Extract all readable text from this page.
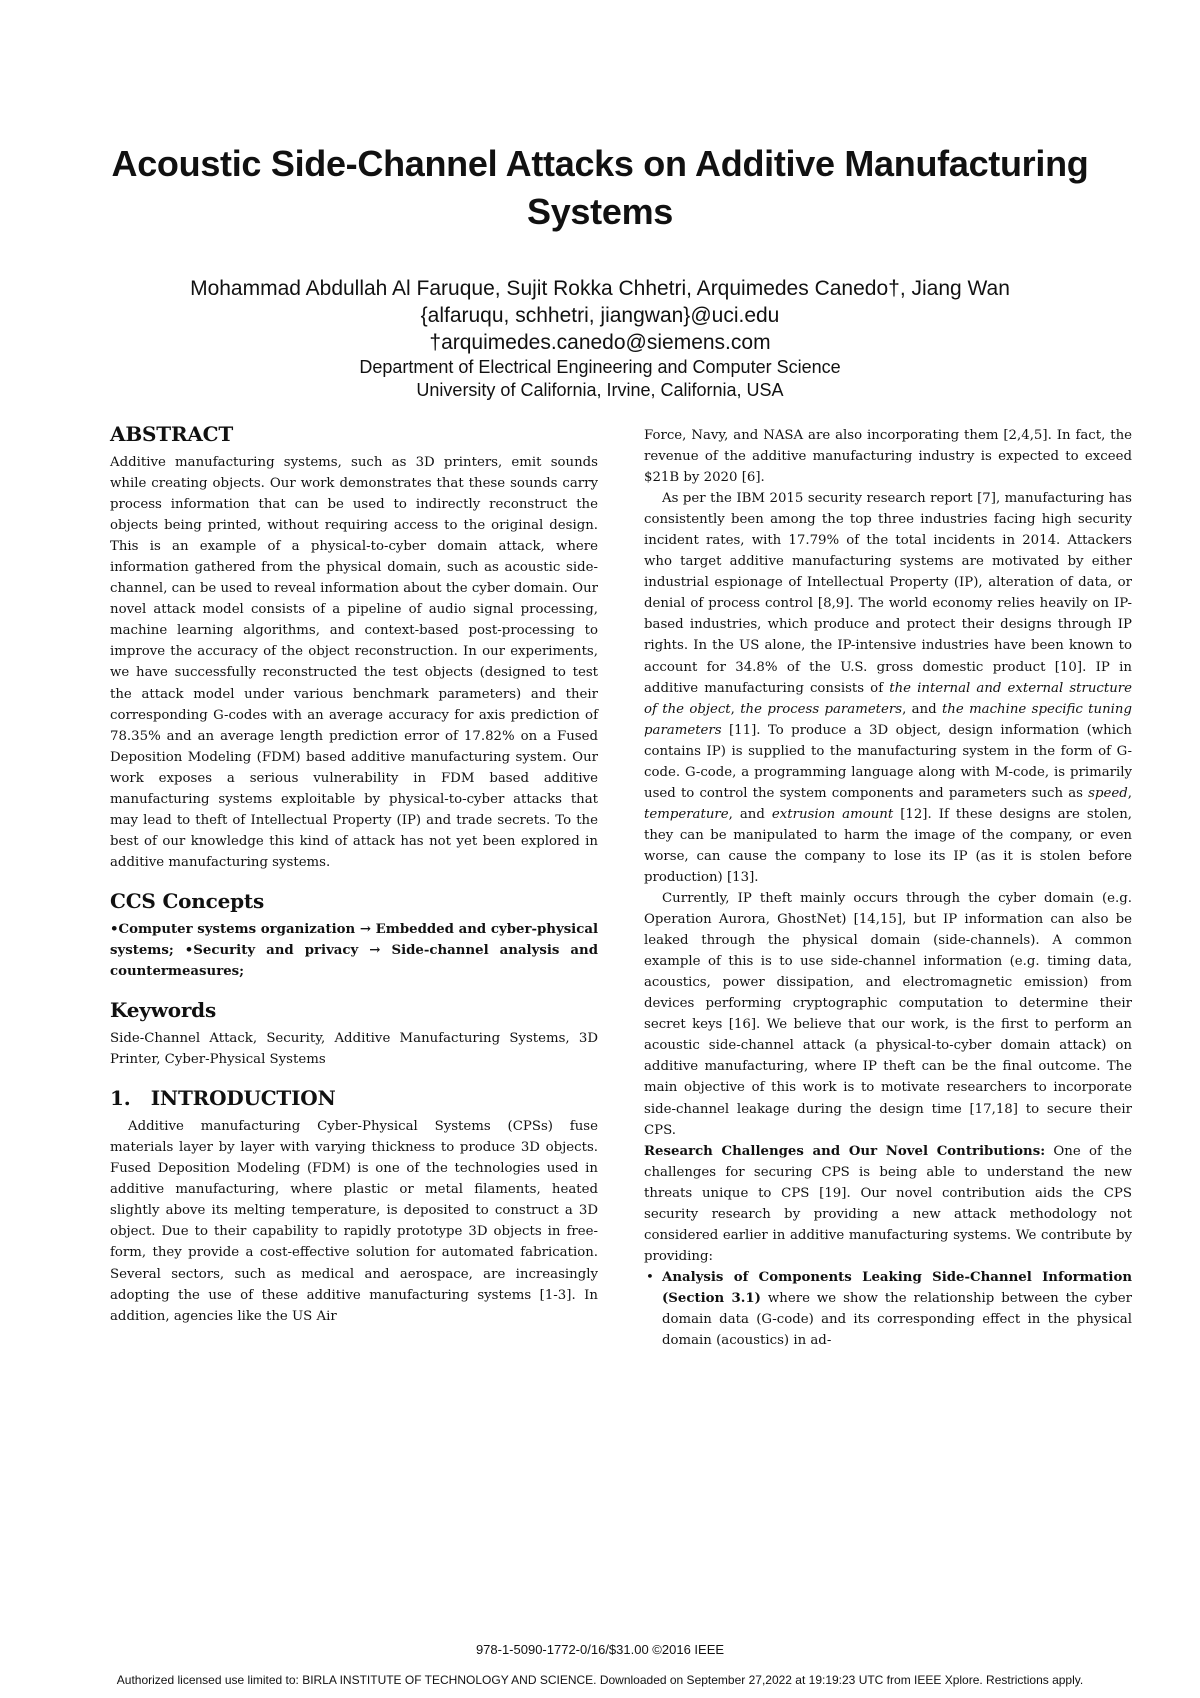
Acoustic Side-Channel Attacks on Additive Manufacturing Systems
Mohammad Abdullah Al Faruque, Sujit Rokka Chhetri, Arquimedes Canedo†, Jiang Wan
{alfaruqu, schhetri, jiangwan}@uci.edu
†arquimedes.canedo@siemens.com
Department of Electrical Engineering and Computer Science
University of California, Irvine, California, USA
ABSTRACT

Additive manufacturing systems, such as 3D printers, emit sounds while creating objects. Our work demonstrates that these sounds carry process information that can be used to indirectly reconstruct the objects being printed, without requiring access to the original design. This is an example of a physical-to-cyber domain attack, where information gathered from the physical domain, such as acoustic side-channel, can be used to reveal information about the cyber domain. Our novel attack model consists of a pipeline of audio signal processing, machine learning algorithms, and context-based post-processing to improve the accuracy of the object reconstruction. In our experiments, we have successfully reconstructed the test objects (designed to test the attack model under various benchmark parameters) and their corresponding G-codes with an average accuracy for axis prediction of 78.35% and an average length prediction error of 17.82% on a Fused Deposition Modeling (FDM) based additive manufacturing system. Our work exposes a serious vulnerability in FDM based additive manufacturing systems exploitable by physical-to-cyber attacks that may lead to theft of Intellectual Property (IP) and trade secrets. To the best of our knowledge this kind of attack has not yet been explored in additive manufacturing systems.

CCS Concepts

•Computer systems organization → Embedded and cyber-physical systems; •Security and privacy → Side-channel analysis and countermeasures;

Keywords

Side-Channel Attack, Security, Additive Manufacturing Systems, 3D Printer, Cyber-Physical Systems

1.   INTRODUCTION

Additive manufacturing Cyber-Physical Systems (CPSs) fuse materials layer by layer with varying thickness to produce 3D objects. Fused Deposition Modeling (FDM) is one of the technologies used in additive manufacturing, where plastic or metal filaments, heated slightly above its melting temperature, is deposited to construct a 3D object. Due to their capability to rapidly prototype 3D objects in free-form, they provide a cost-effective solution for automated fabrication. Several sectors, such as medical and aerospace, are increasingly adopting the use of these additive manufacturing systems [1-3]. In addition, agencies like the US Air

Force, Navy, and NASA are also incorporating them [2,4,5]. In fact, the revenue of the additive manufacturing industry is expected to exceed $21B by 2020 [6].

As per the IBM 2015 security research report [7], manufacturing has consistently been among the top three industries facing high security incident rates, with 17.79% of the total incidents in 2014. Attackers who target additive manufacturing systems are motivated by either industrial espionage of Intellectual Property (IP), alteration of data, or denial of process control [8,9]. The world economy relies heavily on IP-based industries, which produce and protect their designs through IP rights. In the US alone, the IP-intensive industries have been known to account for 34.8% of the U.S. gross domestic product [10]. IP in additive manufacturing consists of the internal and external structure of the object, the process parameters, and the machine specific tuning parameters [11]. To produce a 3D object, design information (which contains IP) is supplied to the manufacturing system in the form of G-code. G-code, a programming language along with M-code, is primarily used to control the system components and parameters such as speed, temperature, and extrusion amount [12]. If these designs are stolen, they can be manipulated to harm the image of the company, or even worse, can cause the company to lose its IP (as it is stolen before production) [13].

Currently, IP theft mainly occurs through the cyber domain (e.g. Operation Aurora, GhostNet) [14,15], but IP information can also be leaked through the physical domain (side-channels). A common example of this is to use side-channel information (e.g. timing data, acoustics, power dissipation, and electromagnetic emission) from devices performing cryptographic computation to determine their secret keys [16]. We believe that our work, is the first to perform an acoustic side-channel attack (a physical-to-cyber domain attack) on additive manufacturing, where IP theft can be the final outcome. The main objective of this work is to motivate researchers to incorporate side-channel leakage during the design time [17,18] to secure their CPS.

Research Challenges and Our Novel Contributions: One of the challenges for securing CPS is being able to understand the new threats unique to CPS [19]. Our novel contribution aids the CPS security research by providing a new attack methodology not considered earlier in additive manufacturing systems. We contribute by providing:

• Analysis of Components Leaking Side-Channel Information (Section 3.1) where we show the relationship between the cyber domain data (G-code) and its corresponding effect in the physical domain (acoustics) in ad-
978-1-5090-1772-0/16/$31.00 ©2016 IEEE
Authorized licensed use limited to: BIRLA INSTITUTE OF TECHNOLOGY AND SCIENCE. Downloaded on September 27,2022 at 19:19:23 UTC from IEEE Xplore. Restrictions apply.
